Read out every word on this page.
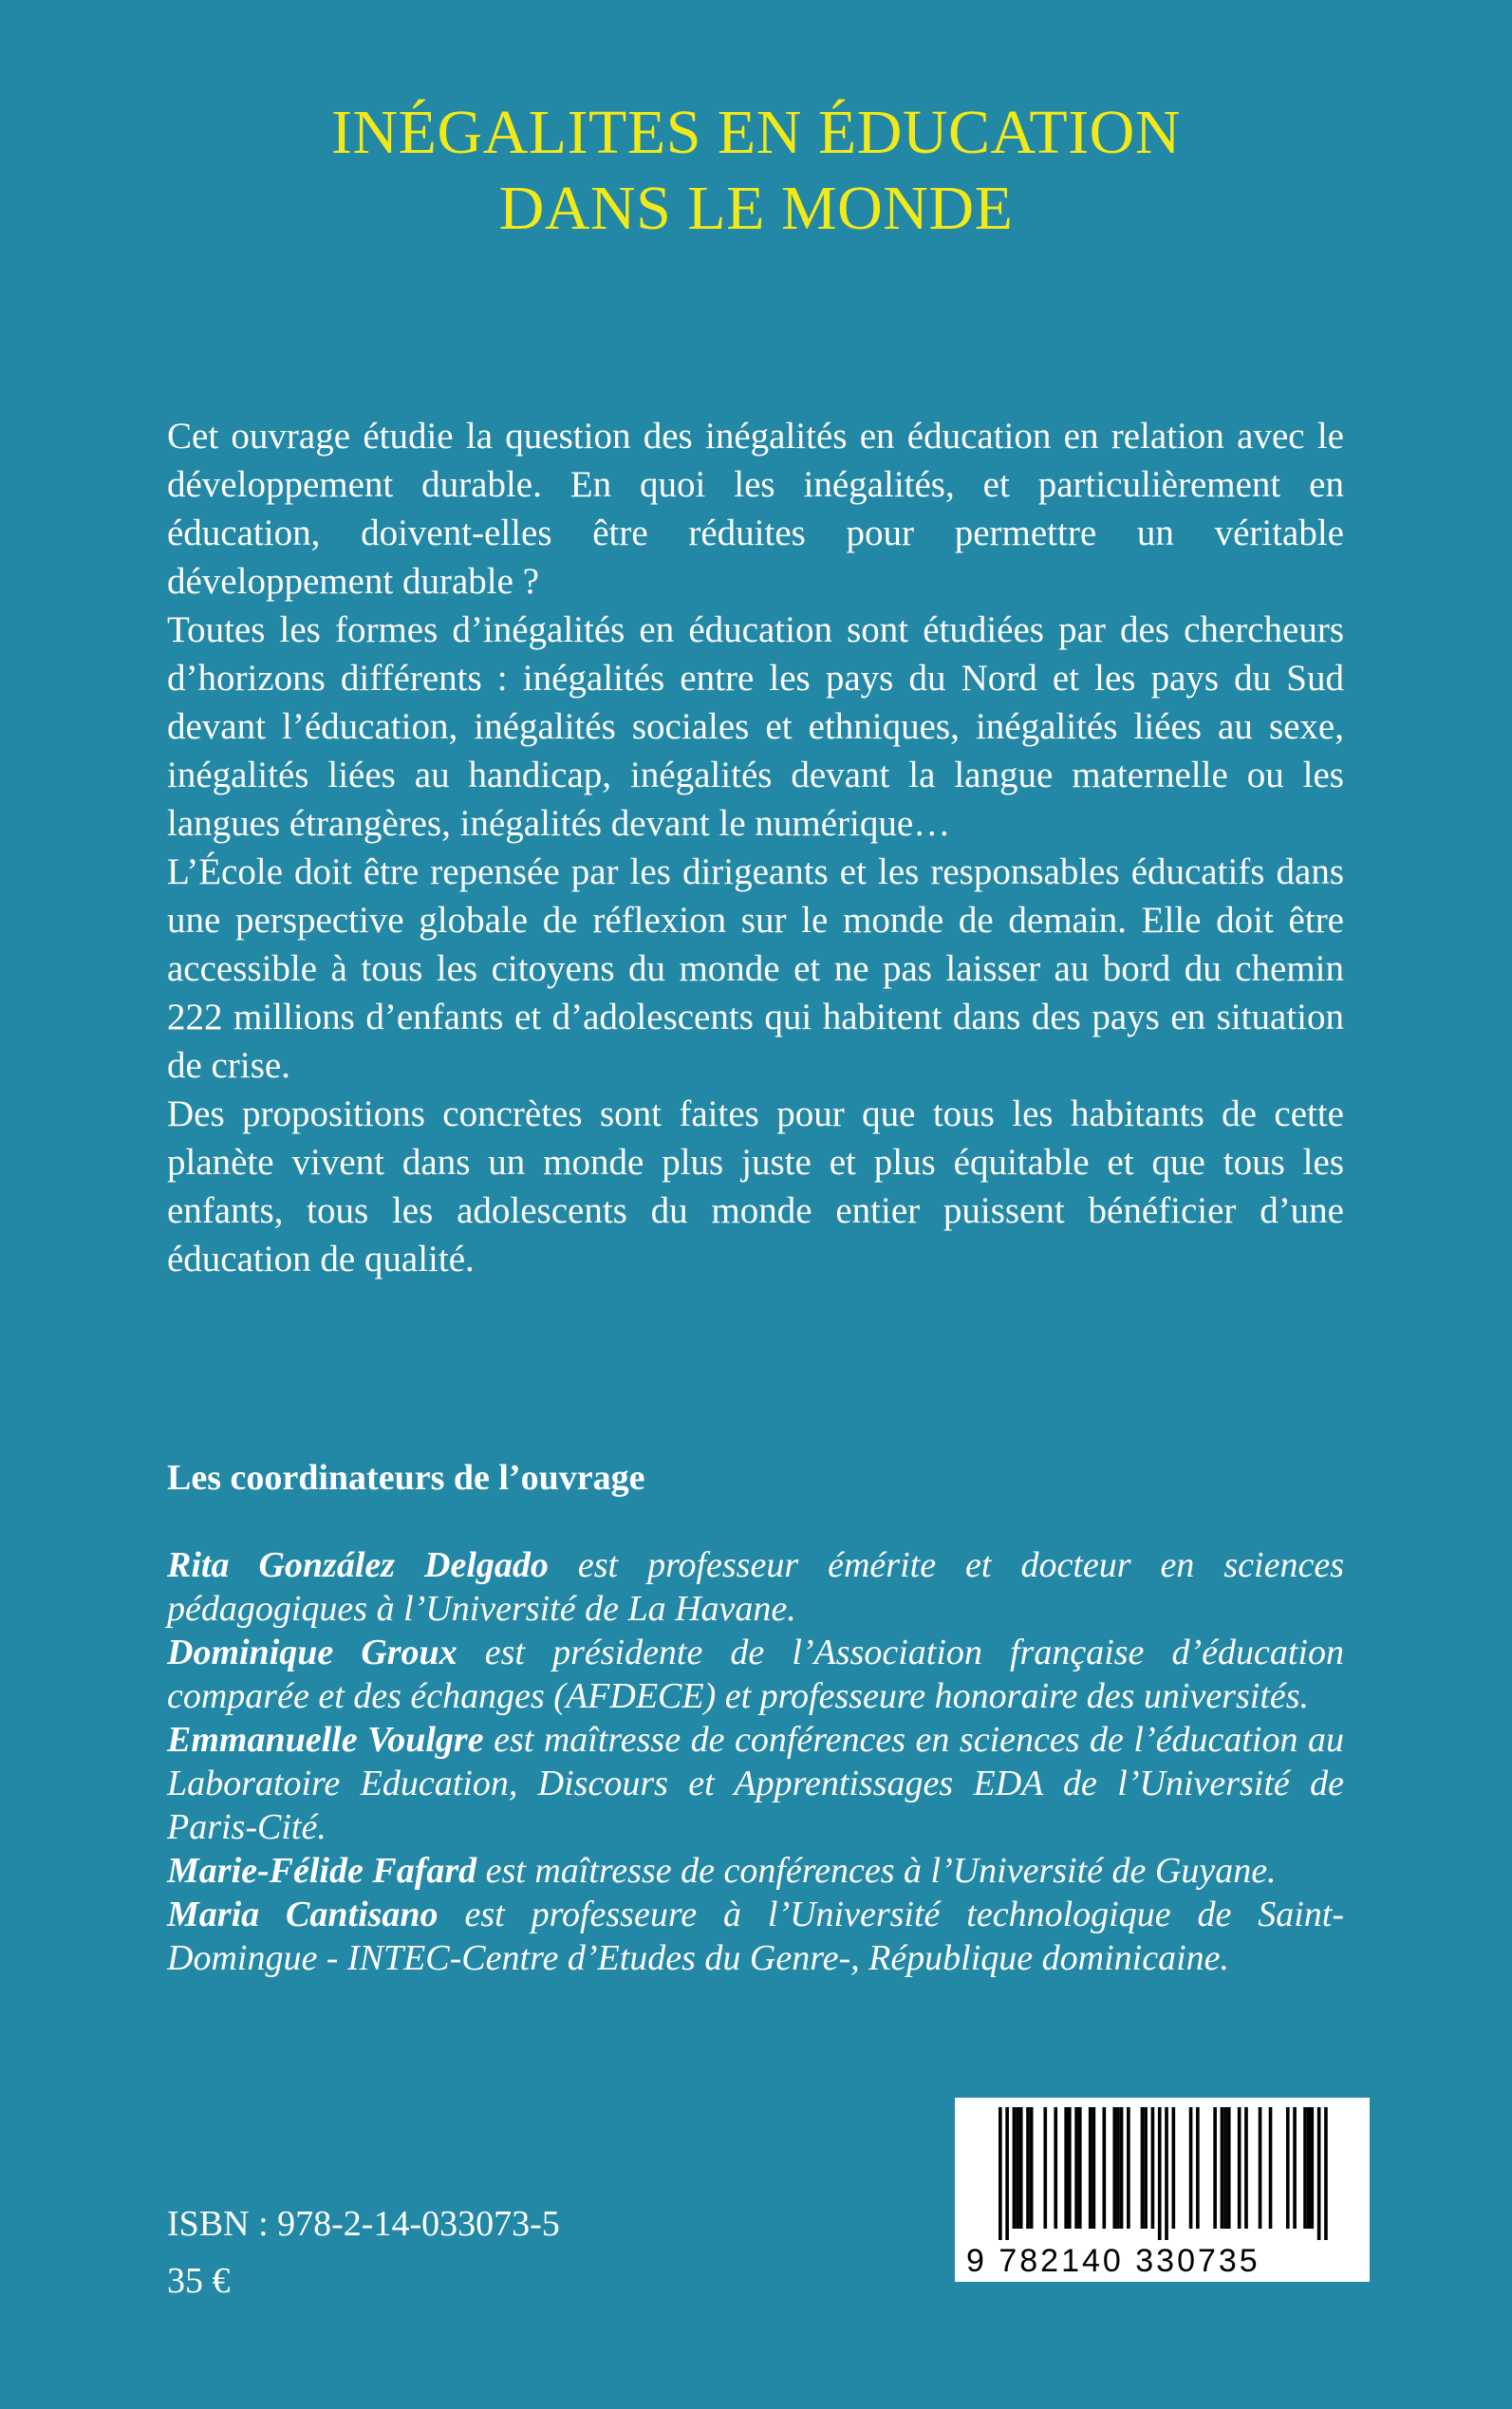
INÉGALITES EN ÉDUCATION
DANS LE MONDE

Cet ouvrage étudie la question des inégalités en éducation en relation avec le développement durable. En quoi les inégalités, et particulièrement en éducation, doivent-elles être réduites pour permettre un véritable développement durable ?

Toutes les formes d’inégalités en éducation sont étudiées par des chercheurs d’horizons différents : inégalités entre les pays du Nord et les pays du Sud devant l’éducation, inégalités sociales et ethniques, inégalités liées au sexe, inégalités liées au handicap, inégalités devant la langue maternelle ou les langues étrangères, inégalités devant le numérique…

L’École doit être repensée par les dirigeants et les responsables éducatifs dans une perspective globale de réflexion sur le monde de demain. Elle doit être accessible à tous les citoyens du monde et ne pas laisser au bord du chemin 222 millions d’enfants et d’adolescents qui habitent dans des pays en situation de crise.

Des propositions concrètes sont faites pour que tous les habitants de cette planète vivent dans un monde plus juste et plus équitable et que tous les enfants, tous les adolescents du monde entier puissent bénéficier d’une éducation de qualité.

Les coordinateurs de l’ouvrage

Rita González Delgado est professeur émérite et docteur en sciences pédagogiques à l’Université de La Havane.

Dominique Groux est présidente de l’Association française d’éducation comparée et des échanges (AFDECE) et professeure honoraire des universités.

Emmanuelle Voulgre est maîtresse de conférences en sciences de l’éducation au Laboratoire Education, Discours et Apprentissages EDA de l’Université de Paris-Cité.

Marie-Félide Fafard est maîtresse de conférences à l’Université de Guyane.

Maria Cantisano est professeure à l’Université technologique de Saint-Domingue - INTEC-Centre d’Etudes du Genre-, République dominicaine.

ISBN : 978-2-14-033073-5
35 €	9 782140 330735
